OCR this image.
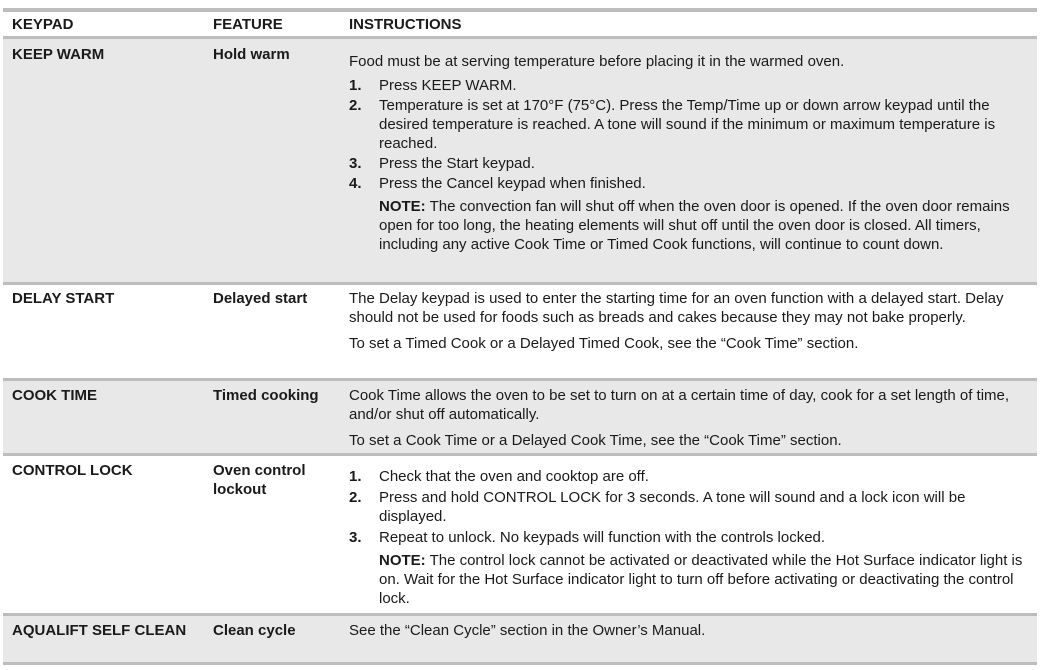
KEYPAD	FEATURE	INSTRUCTIONS
KEEP WARM	Hold warm	Food must be at serving temperature before placing it in the warmed oven.

1. Press KEEP WARM.
2. Temperature is set at 170°F (75°C). Press the Temp/Time up or down arrow keypad until the desired temperature is reached. A tone will sound if the minimum or maximum temperature is reached.
3. Press the Start keypad.
4. Press the Cancel keypad when finished.
NOTE: The convection fan will shut off when the oven door is opened. If the oven door remains open for too long, the heating elements will shut off until the oven door is closed. All timers, including any active Cook Time or Timed Cook functions, will continue to count down.
DELAY START	Delayed start	The Delay keypad is used to enter the starting time for an oven function with a delayed start. Delay should not be used for foods such as breads and cakes because they may not bake properly.

To set a Timed Cook or a Delayed Timed Cook, see the “Cook Time” section.

COOK TIME	Timed cooking	Cook Time allows the oven to be set to turn on at a certain time of day, cook for a set length of time, and/or shut off automatically.

To set a Cook Time or a Delayed Cook Time, see the “Cook Time” section.

CONTROL LOCK	Oven control lockout
1. Check that the oven and cooktop are off.
2. Press and hold CONTROL LOCK for 3 seconds. A tone will sound and a lock icon will be displayed.
3. Repeat to unlock. No keypads will function with the controls locked.
NOTE: The control lock cannot be activated or deactivated while the Hot Surface indicator light is on. Wait for the Hot Surface indicator light to turn off before activating or deactivating the control lock.
AQUALIFT SELF CLEAN	Clean cycle	See the “Clean Cycle” section in the Owner’s Manual.
